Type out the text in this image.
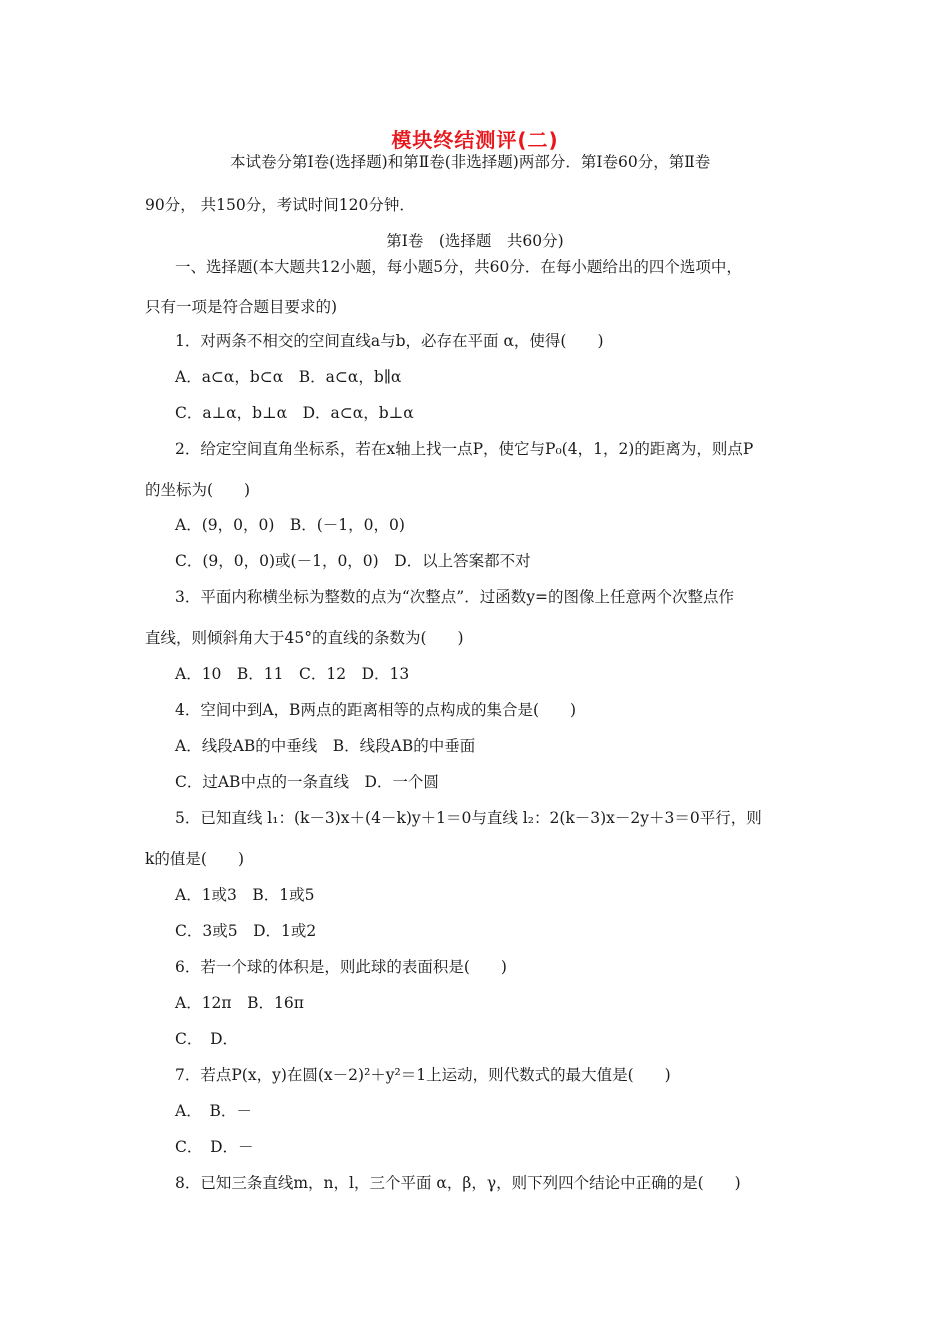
模块终结测评(二)
本试卷分第Ⅰ卷(选择题)和第Ⅱ卷(非选择题)两部分．第Ⅰ卷60分，第Ⅱ卷
90分， 共150分，考试时间120分钟．
第Ⅰ卷　(选择题　共60分)
一、选择题(本大题共12小题，每小题5分，共60分．在每小题给出的四个选项中，
只有一项是符合题目要求的)
1．对两条不相交的空间直线a与b，必存在平面 α，使得(　　)
A．a⊂α，b⊂α　B．a⊂α，b∥α
C．a⊥α，b⊥α　D．a⊂α，b⊥α
2．给定空间直角坐标系，若在x轴上找一点P，使它与P₀(4，1，2)的距离为，则点P
的坐标为(　　)
A．(9，0，0)　B．(－1，0，0)
C．(9，0，0)或(－1，0，0)　D．以上答案都不对
3．平面内称横坐标为整数的点为“次整点”．过函数y=的图像上任意两个次整点作
直线，则倾斜角大于45°的直线的条数为(　　)
A．10　B．11　C．12　D．13
4．空间中到A，B两点的距离相等的点构成的集合是(　　)
A．线段AB的中垂线　B．线段AB的中垂面
C．过AB中点的一条直线　D．一个圆
5．已知直线 l₁：(k－3)x＋(4－k)y＋1＝0与直线 l₂：2(k－3)x－2y＋3＝0平行，则
k的值是(　　)
A．1或3　B．1或5
C．3或5　D．1或2
6．若一个球的体积是，则此球的表面积是(　　)
A．12π　B．16π
C．　D．
7．若点P(x，y)在圆(x－2)²＋y²＝1上运动，则代数式的最大值是(　　)
A．　B．－
C．　D．－
8．已知三条直线m，n，l，三个平面 α，β，γ，则下列四个结论中正确的是(　　)
